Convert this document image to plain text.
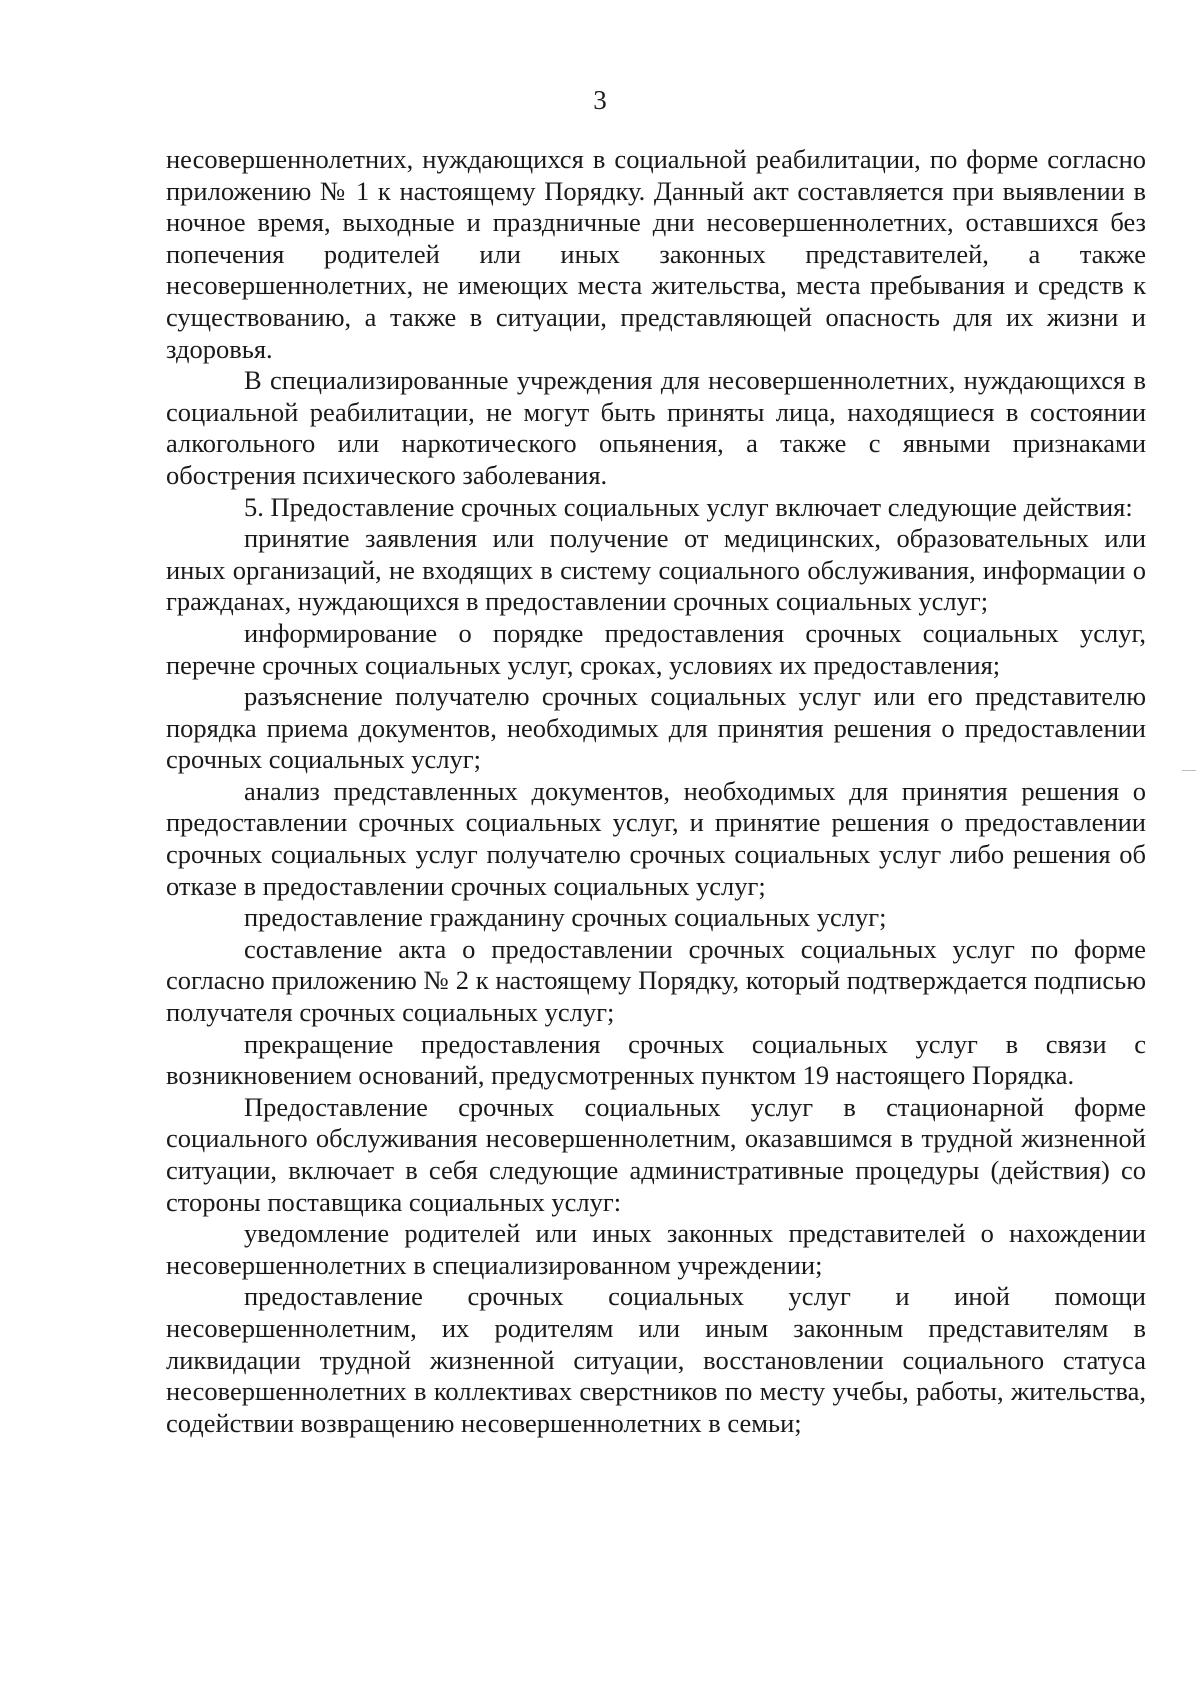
3

несовершеннолетних, нуждающихся в социальной реабилитации, по форме согласно приложению № 1 к настоящему Порядку. Данный акт составляется при выявлении в ночное время, выходные и праздничные дни несовершеннолетних, оставшихся без попечения родителей или иных законных представителей, а также несовершеннолетних, не имеющих места жительства, места пребывания и средств к существованию, а также в ситуации, представляющей опасность для их жизни и здоровья.

В специализированные учреждения для несовершеннолетних, нуждающихся в социальной реабилитации, не могут быть приняты лица, находящиеся в состоянии алкогольного или наркотического опьянения, а также с явными признаками обострения психического заболевания.

5. Предоставление срочных социальных услуг включает следующие действия:

принятие заявления или получение от медицинских, образовательных или иных организаций, не входящих в систему социального обслуживания, информации о гражданах, нуждающихся в предоставлении срочных социальных услуг;

информирование о порядке предоставления срочных социальных услуг, перечне срочных социальных услуг, сроках, условиях их предоставления;

разъяснение получателю срочных социальных услуг или его представителю порядка приема документов, необходимых для принятия решения о предоставлении срочных социальных услуг;

анализ представленных документов, необходимых для принятия решения о предоставлении срочных социальных услуг, и принятие решения о предоставлении срочных социальных услуг получателю срочных социальных услуг либо решения об отказе в предоставлении срочных социальных услуг;

предоставление гражданину срочных социальных услуг;

составление акта о предоставлении срочных социальных услуг по форме согласно приложению № 2 к настоящему Порядку, который подтверждается подписью получателя срочных социальных услуг;

прекращение предоставления срочных социальных услуг в связи с возникновением оснований, предусмотренных пунктом 19 настоящего Порядка.

Предоставление срочных социальных услуг в стационарной форме социального обслуживания несовершеннолетним, оказавшимся в трудной жизненной ситуации, включает в себя следующие административные процедуры (действия) со стороны поставщика социальных услуг:

уведомление родителей или иных законных представителей о нахождении несовершеннолетних в специализированном учреждении;

предоставление срочных социальных услуг и иной помощи несовершеннолетним, их родителям или иным законным представителям в ликвидации трудной жизненной ситуации, восстановлении социального статуса несовершеннолетних в коллективах сверстников по месту учебы, работы, жительства, содействии возвращению несовершеннолетних в семьи;
